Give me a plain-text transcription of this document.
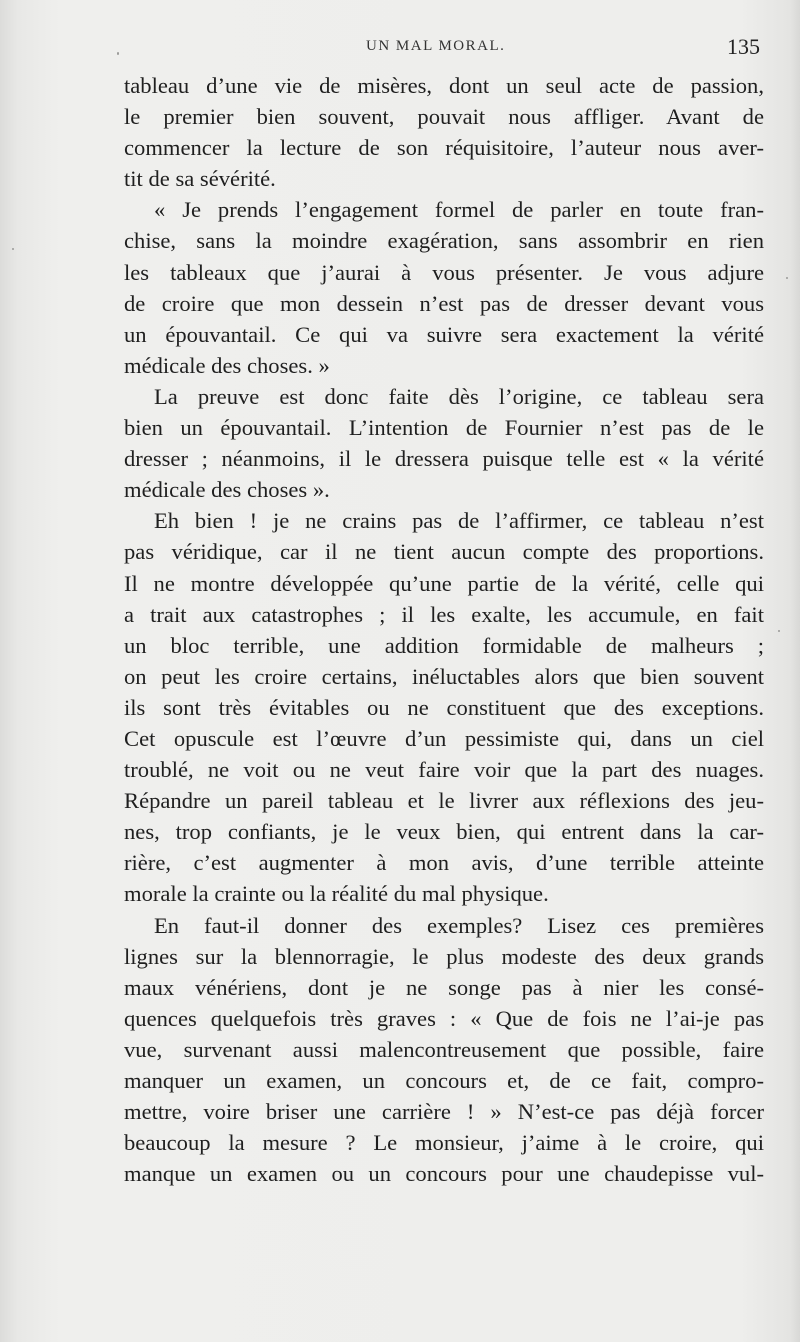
UN MAL MORAL.	135
tableau d’une vie de misères, dont un seul acte de passion,
le premier bien souvent, pouvait nous affliger. Avant de
commencer la lecture de son réquisitoire, l’auteur nous aver-
tit de sa sévérité.
« Je prends l’engagement formel de parler en toute fran-
chise, sans la moindre exagération, sans assombrir en rien
les tableaux que j’aurai à vous présenter. Je vous adjure
de croire que mon dessein n’est pas de dresser devant vous
un épouvantail. Ce qui va suivre sera exactement la vérité
médicale des choses. »
La preuve est donc faite dès l’origine, ce tableau sera
bien un épouvantail. L’intention de Fournier n’est pas de le
dresser ; néanmoins, il le dressera puisque telle est « la vérité
médicale des choses ».
Eh bien ! je ne crains pas de l’affirmer, ce tableau n’est
pas véridique, car il ne tient aucun compte des proportions.
Il ne montre développée qu’une partie de la vérité, celle qui
a trait aux catastrophes ; il les exalte, les accumule, en fait
un bloc terrible, une addition formidable de malheurs ;
on peut les croire certains, inéluctables alors que bien souvent
ils sont très évitables ou ne constituent que des exceptions.
Cet opuscule est l’œuvre d’un pessimiste qui, dans un ciel
troublé, ne voit ou ne veut faire voir que la part des nuages.
Répandre un pareil tableau et le livrer aux réflexions des jeu-
nes, trop confiants, je le veux bien, qui entrent dans la car-
rière, c’est augmenter à mon avis, d’une terrible atteinte
morale la crainte ou la réalité du mal physique.
En faut-il donner des exemples? Lisez ces premières
lignes sur la blennorragie, le plus modeste des deux grands
maux vénériens, dont je ne songe pas à nier les consé-
quences quelquefois très graves : « Que de fois ne l’ai-je pas
vue, survenant aussi malencontreusement que possible, faire
manquer un examen, un concours et, de ce fait, compro-
mettre, voire briser une carrière ! » N’est-ce pas déjà forcer
beaucoup la mesure ? Le monsieur, j’aime à le croire, qui
manque un examen ou un concours pour une chaudepisse vul-
